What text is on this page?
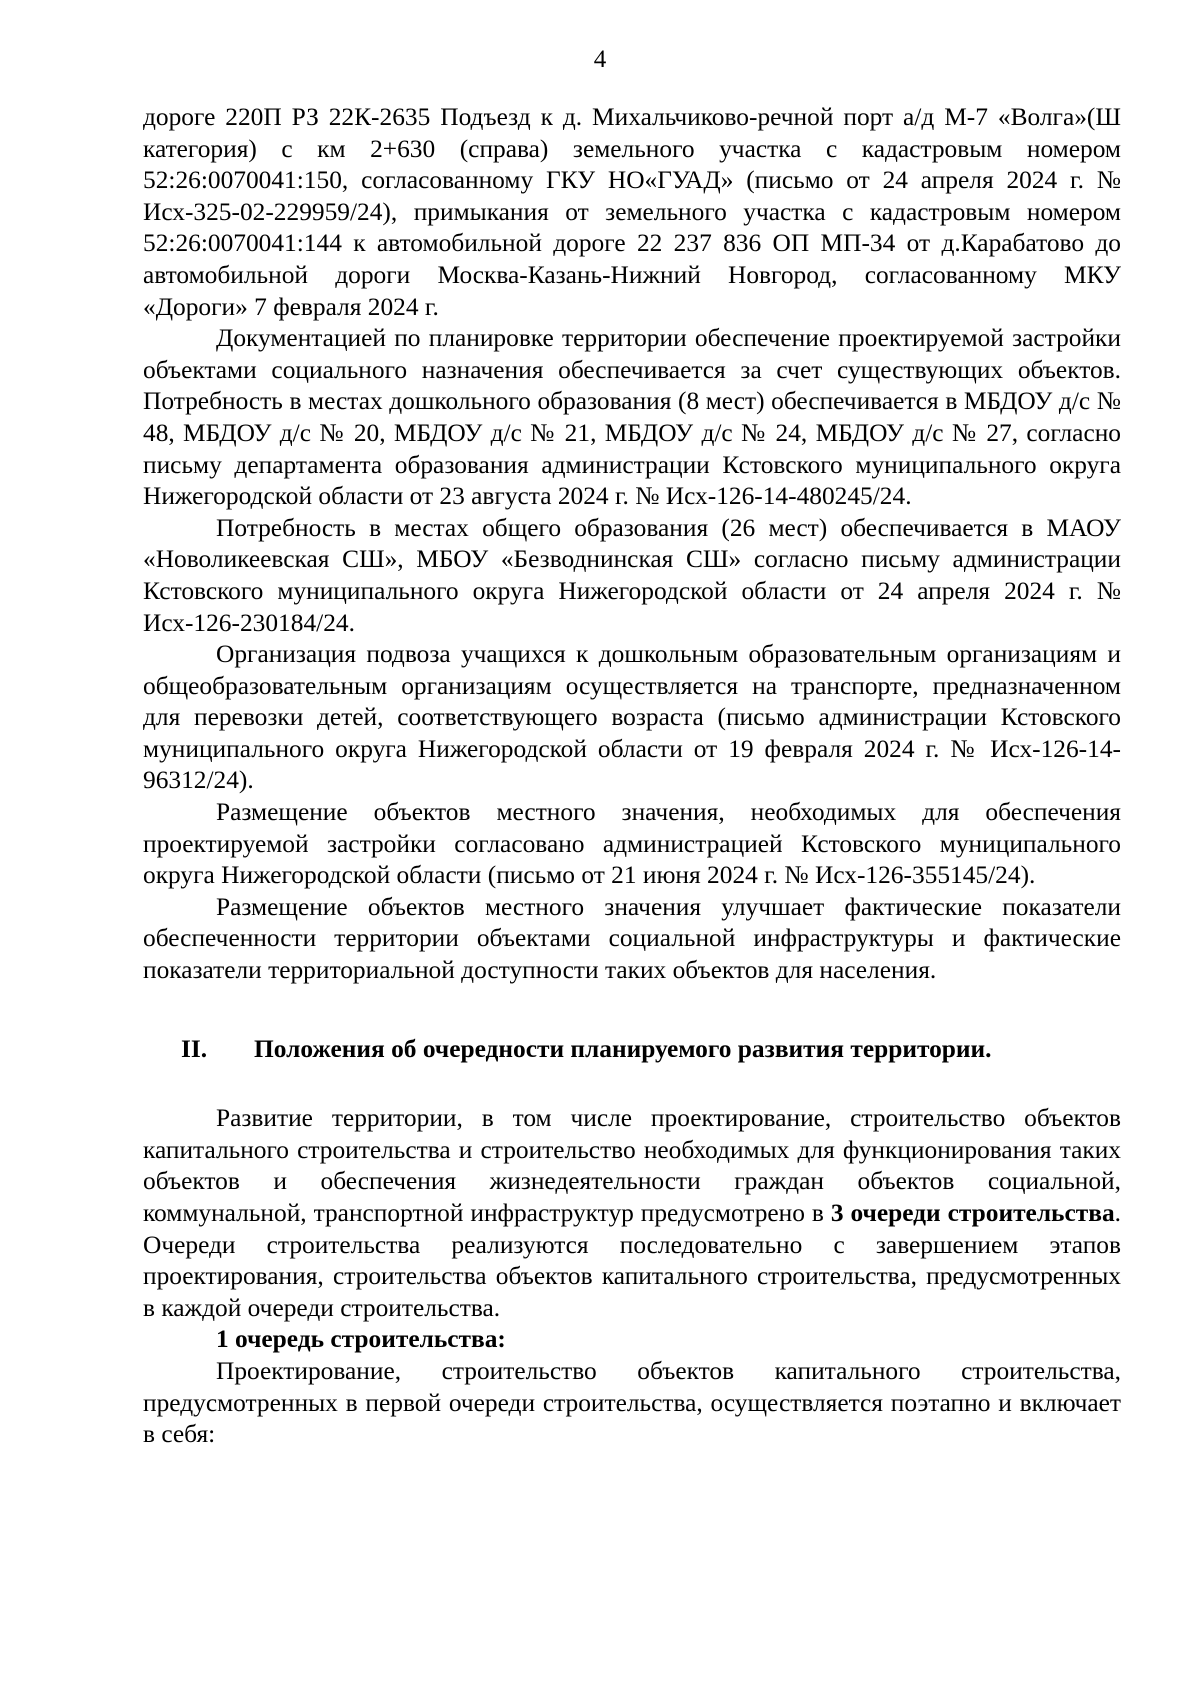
4

дороге 220П РЗ 22К-2635 Подъезд к д. Михальчиково-речной порт а/д М-7 «Волга»(Ш категория) с км 2+630 (справа) земельного участка с кадастровым номером 52:26:0070041:150, согласованному ГКУ НО«ГУАД» (письмо от 24 апреля 2024 г. № Исх-325-02-229959/24), примыкания от земельного участка с кадастровым номером 52:26:0070041:144 к автомобильной дороге 22 237 836 ОП МП-34 от д.Карабатово до автомобильной дороги Москва-Казань-Нижний Новгород, согласованному МКУ «Дороги» 7 февраля 2024 г.

Документацией по планировке территории обеспечение проектируемой застройки объектами социального назначения обеспечивается за счет существующих объектов. Потребность в местах дошкольного образования (8 мест) обеспечивается в МБДОУ д/с № 48, МБДОУ д/с № 20, МБДОУ д/с № 21, МБДОУ д/с № 24, МБДОУ д/с № 27, согласно письму департамента образования администрации Кстовского муниципального округа Нижегородской области от 23 августа 2024 г. № Исх-126-14-480245/24.

Потребность в местах общего образования (26 мест) обеспечивается в МАОУ «Новоликеевская СШ», МБОУ «Безводнинская СШ» согласно письму администрации Кстовского муниципального округа Нижегородской области от 24 апреля 2024 г. № Исх-126-230184/24.

Организация подвоза учащихся к дошкольным образовательным организациям и общеобразовательным организациям осуществляется на транспорте, предназначенном для перевозки детей, соответствующего возраста (письмо администрации Кстовского муниципального округа Нижегородской области от 19 февраля 2024 г. № Исх-126-14-96312/24).

Размещение объектов местного значения, необходимых для обеспечения проектируемой застройки согласовано администрацией Кстовского муниципального округа Нижегородской области (письмо от 21 июня 2024 г. № Исх-126-355145/24).

Размещение объектов местного значения улучшает фактические показатели обеспеченности территории объектами социальной инфраструктуры и фактические показатели территориальной доступности таких объектов для населения.

II.	Положения об очередности планируемого развития территории.

Развитие территории, в том числе проектирование, строительство объектов капитального строительства и строительство необходимых для функционирования таких объектов и обеспечения жизнедеятельности граждан объектов социальной, коммунальной, транспортной инфраструктур предусмотрено в 3 очереди строительства. Очереди строительства реализуются последовательно с завершением этапов проектирования, строительства объектов капитального строительства, предусмотренных в каждой очереди строительства.

1 очередь строительства:

Проектирование, строительство объектов капитального строительства, предусмотренных в первой очереди строительства, осуществляется поэтапно и включает в себя:
